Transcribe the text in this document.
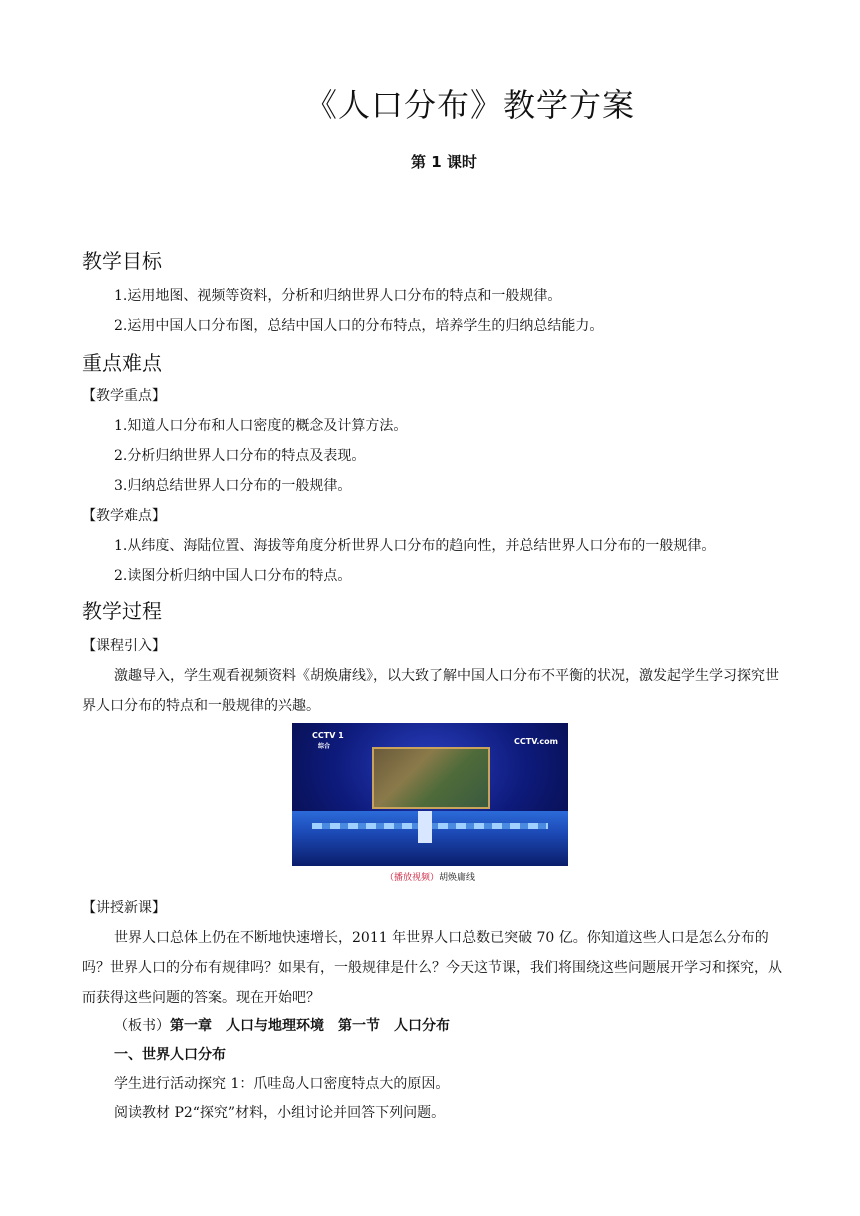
《人口分布》教学方案
第 1 课时
教学目标
1.运用地图、视频等资料，分析和归纳世界人口分布的特点和一般规律。
2.运用中国人口分布图，总结中国人口的分布特点，培养学生的归纳总结能力。
重点难点
【教学重点】
1.知道人口分布和人口密度的概念及计算方法。
2.分析归纳世界人口分布的特点及表现。
3.归纳总结世界人口分布的一般规律。
【教学难点】
1.从纬度、海陆位置、海拔等角度分析世界人口分布的趋向性，并总结世界人口分布的一般规律。
2.读图分析归纳中国人口分布的特点。
教学过程
【课程引入】
激趣导入，学生观看视频资料《胡焕庸线》，以大致了解中国人口分布不平衡的状况，激发起学生学习探究世界人口分布的特点和一般规律的兴趣。
CCTV 1
综合
CCTV.com
（播放视频）胡焕庸线
【讲授新课】
世界人口总体上仍在不断地快速增长，2011 年世界人口总数已突破 70 亿。你知道这些人口是怎么分布的吗？世界人口的分布有规律吗？如果有，一般规律是什么？今天这节课，我们将围绕这些问题展开学习和探究，从而获得这些问题的答案。现在开始吧？
（板书）第一章　人口与地理环境　第一节　人口分布
一、世界人口分布
学生进行活动探究 1：爪哇岛人口密度特点大的原因。
阅读教材 P2“探究”材料，小组讨论并回答下列问题。
